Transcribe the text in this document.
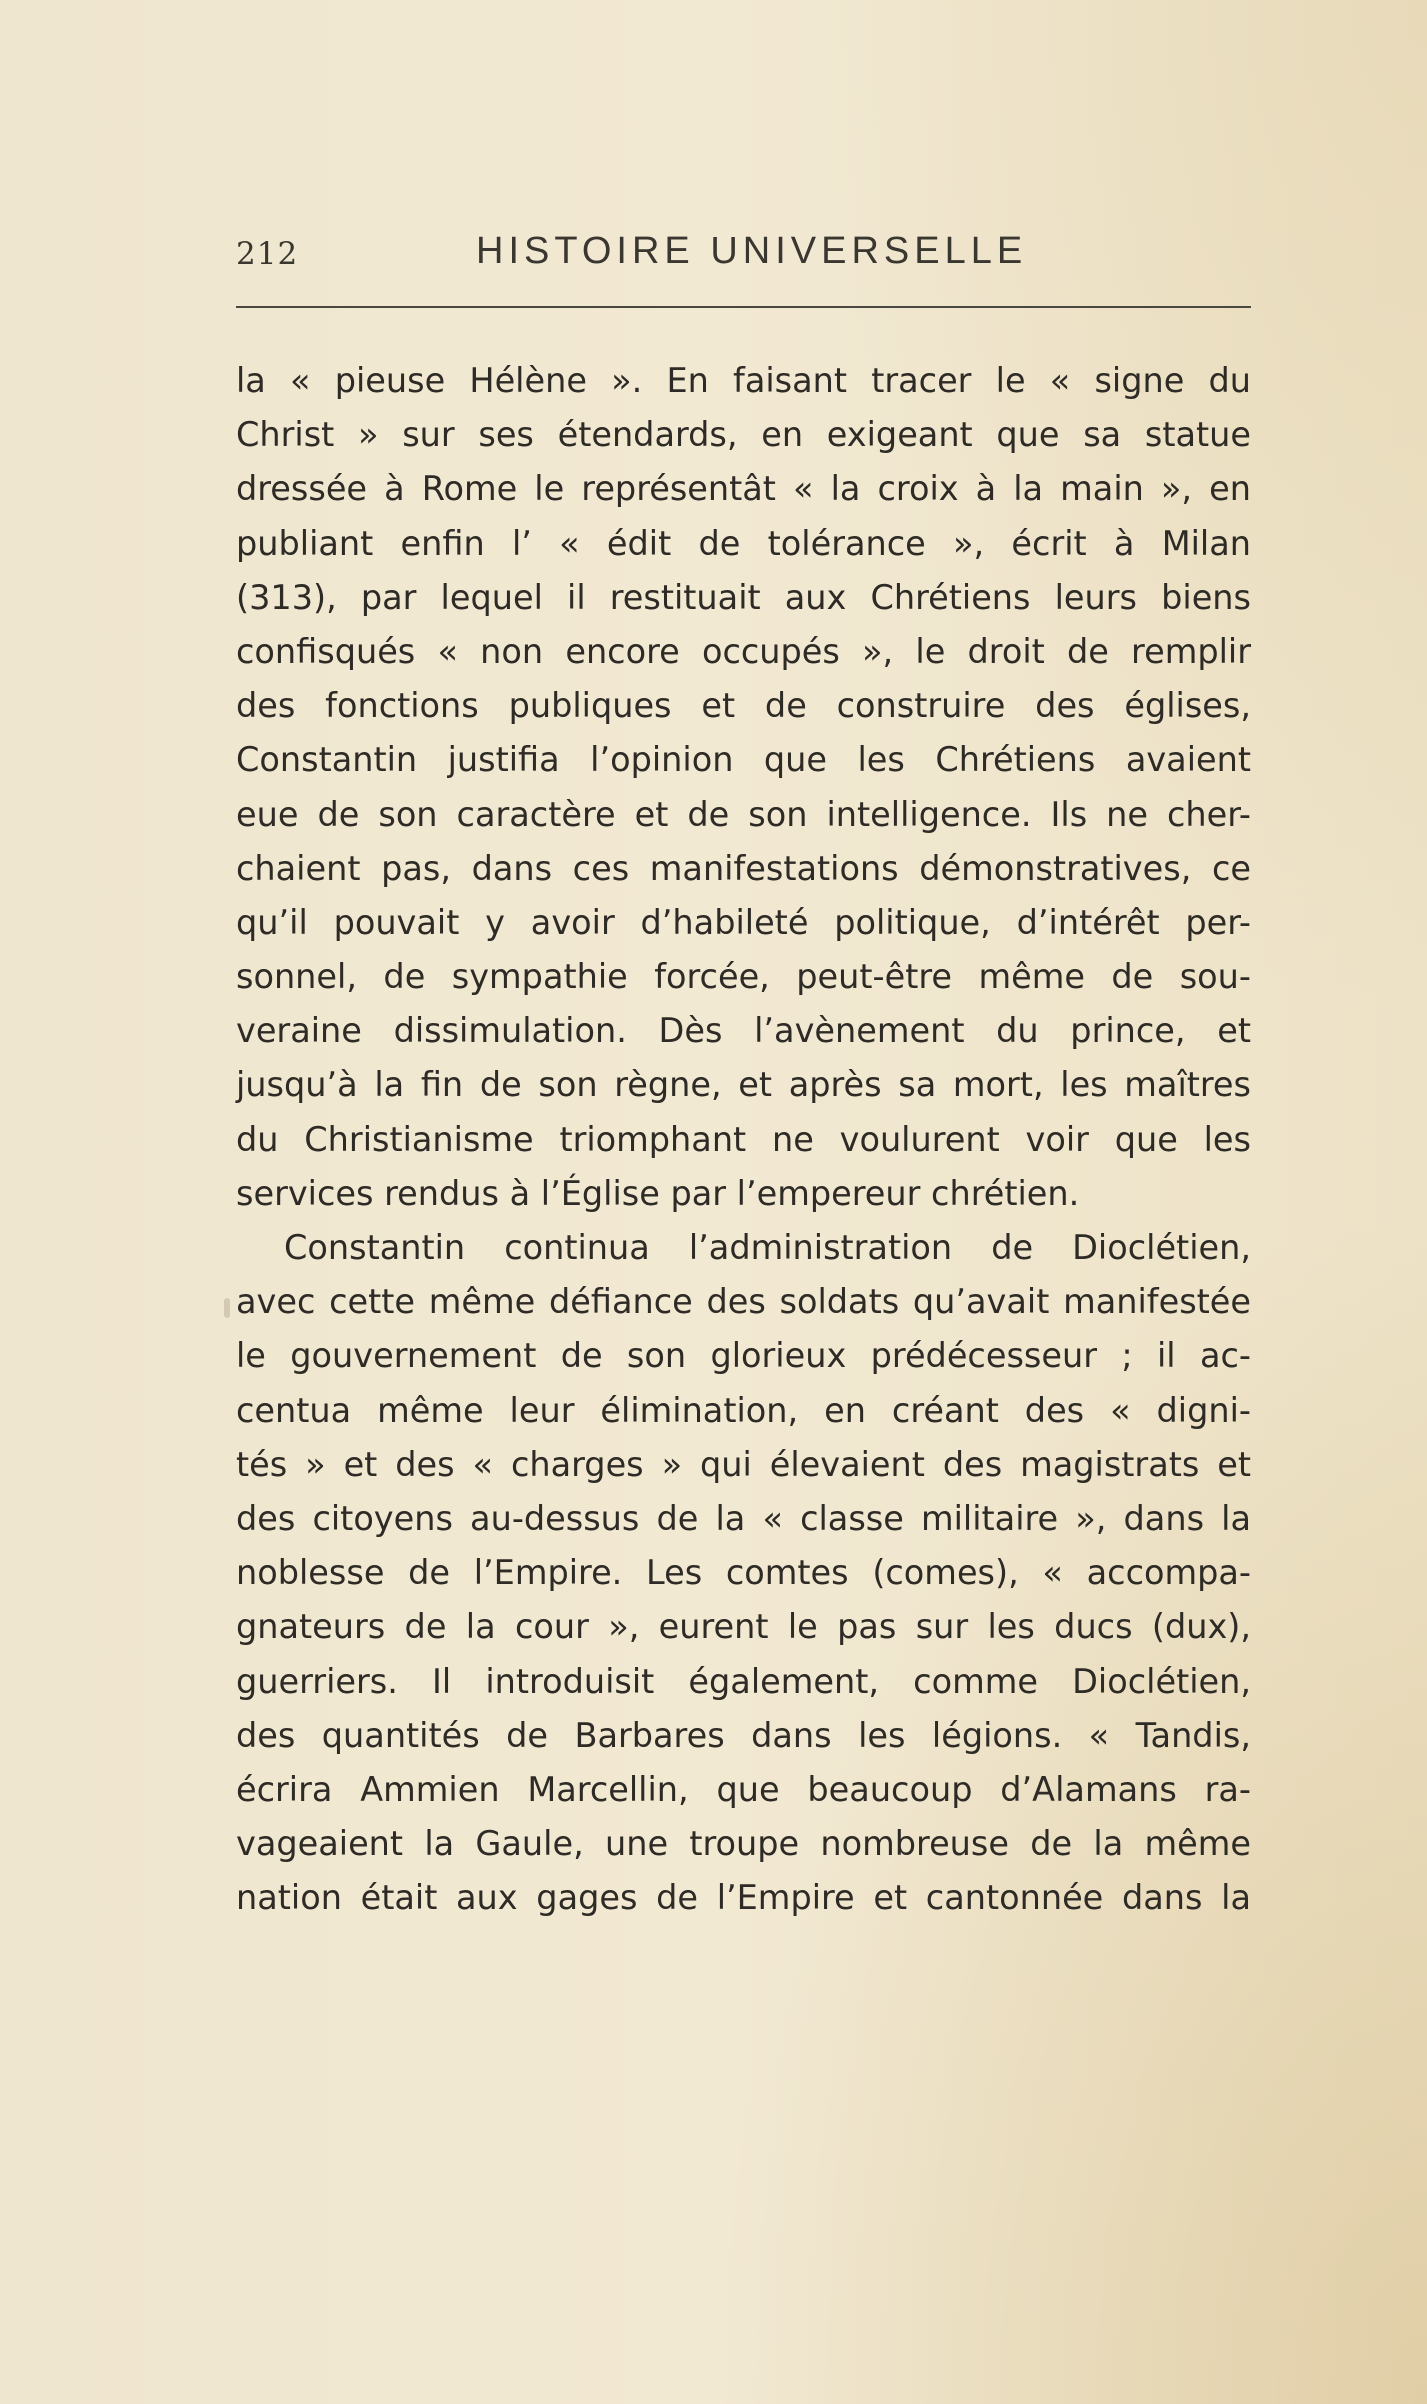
212	HISTOIRE UNIVERSELLE
la « pieuse Hélène ». En faisant tracer le « signe du
Christ » sur ses étendards, en exigeant que sa statue
dressée à Rome le représentât « la croix à la main », en
publiant enfin l’ « édit de tolérance », écrit à Milan
(313), par lequel il restituait aux Chrétiens leurs biens
confisqués « non encore occupés », le droit de remplir
des fonctions publiques et de construire des églises,
Constantin justifia l’opinion que les Chrétiens avaient
eue de son caractère et de son intelligence. Ils ne cher-
chaient pas, dans ces manifestations démonstratives, ce
qu’il pouvait y avoir d’habileté politique, d’intérêt per-
sonnel, de sympathie forcée, peut-être même de sou-
veraine dissimulation. Dès l’avènement du prince, et
jusqu’à la fin de son règne, et après sa mort, les maîtres
du Christianisme triomphant ne voulurent voir que les
services rendus à l’Église par l’empereur chrétien.
Constantin continua l’administration de Dioclétien,
avec cette même défiance des soldats qu’avait manifestée
le gouvernement de son glorieux prédécesseur ; il ac-
centua même leur élimination, en créant des « digni-
tés » et des « charges » qui élevaient des magistrats et
des citoyens au-dessus de la « classe militaire », dans la
noblesse de l’Empire. Les comtes (comes), « accompa-
gnateurs de la cour », eurent le pas sur les ducs (dux),
guerriers. Il introduisit également, comme Dioclétien,
des quantités de Barbares dans les légions. « Tandis,
écrira Ammien Marcellin, que beaucoup d’Alamans ra-
vageaient la Gaule, une troupe nombreuse de la même
nation était aux gages de l’Empire et cantonnée dans la
